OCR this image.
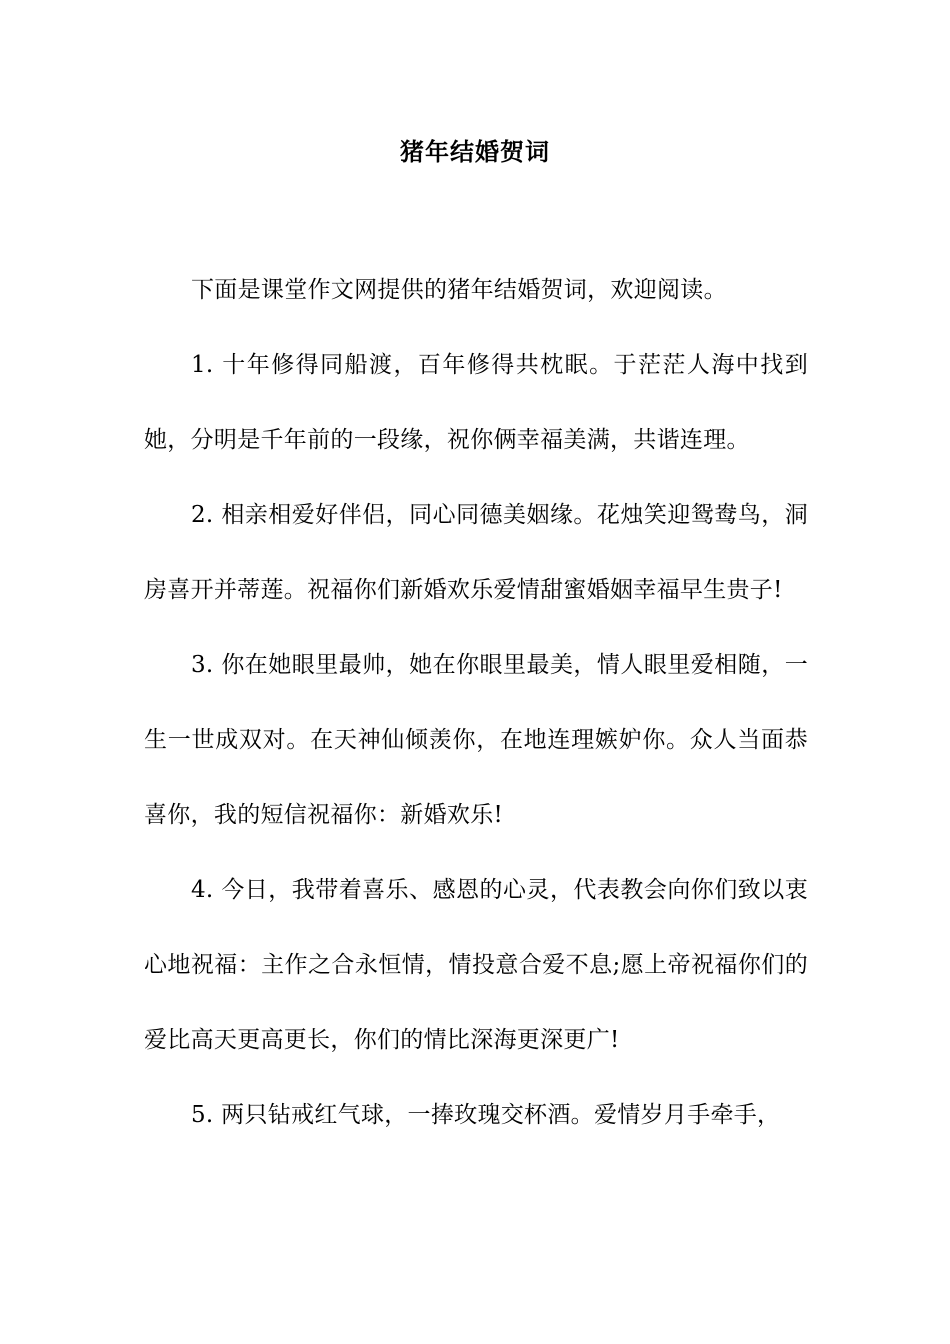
猪年结婚贺词

下面是课堂作文网提供的猪年结婚贺词，欢迎阅读。

1. 十年修得同船渡，百年修得共枕眠。于茫茫人海中找到她，分明是千年前的一段缘，祝你俩幸福美满，共谐连理。

2. 相亲相爱好伴侣，同心同德美姻缘。花烛笑迎鸳鸯鸟，洞房喜开并蒂莲。祝福你们新婚欢乐爱情甜蜜婚姻幸福早生贵子!

3. 你在她眼里最帅，她在你眼里最美，情人眼里爱相随，一生一世成双对。在天神仙倾羡你，在地连理嫉妒你。众人当面恭喜你，我的短信祝福你：新婚欢乐!

4. 今日，我带着喜乐、感恩的心灵，代表教会向你们致以衷心地祝福：主作之合永恒情，情投意合爱不息;愿上帝祝福你们的爱比高天更高更长，你们的情比深海更深更广!

5. 两只钻戒红气球，一捧玫瑰交杯酒。爱情岁月手牵手，
